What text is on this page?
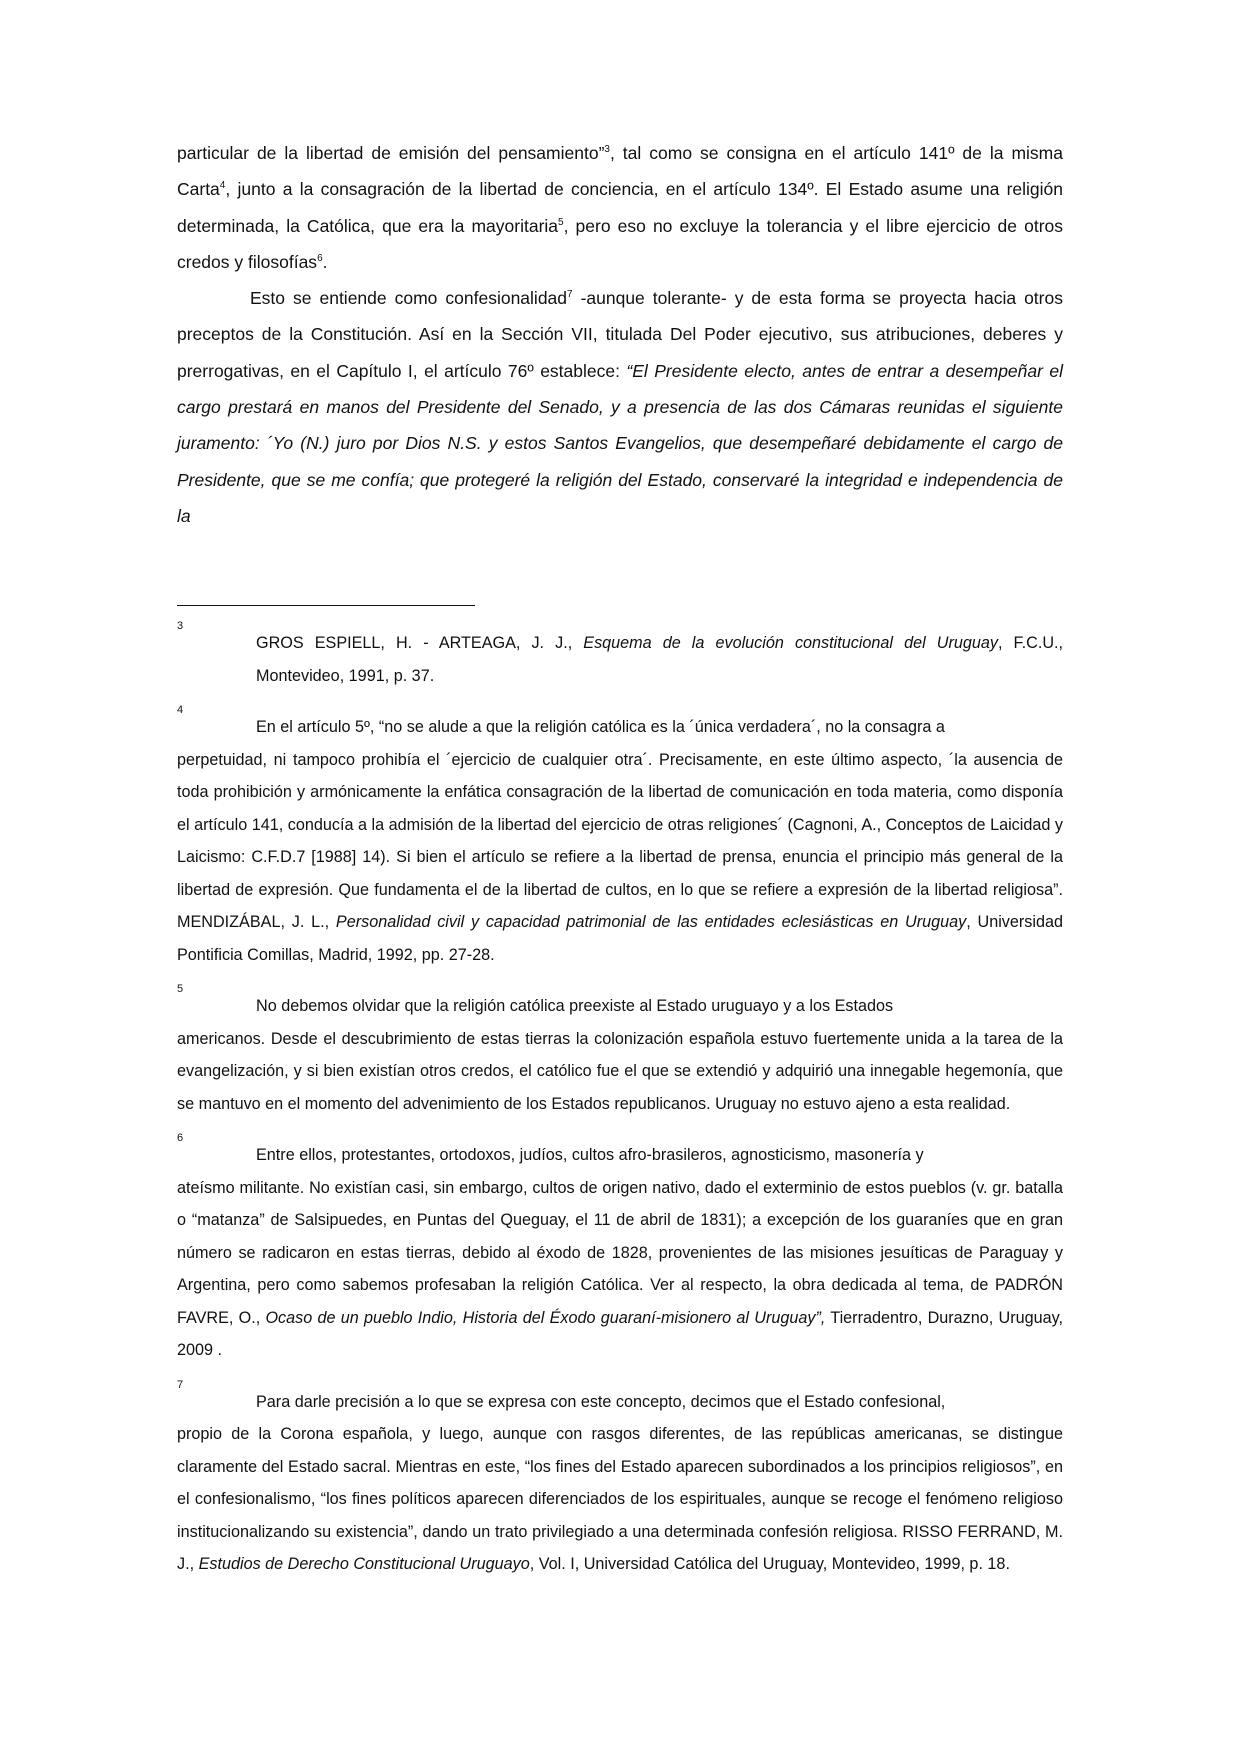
particular de la libertad de emisión del pensamiento”$^3$, tal como se consigna en el artículo 141º de la misma Carta$^4$, junto a la consagración de la libertad de conciencia, en el artículo 134º. El Estado asume una religión determinada, la Católica, que era la mayoritaria$^5$, pero eso no excluye la tolerancia y el libre ejercicio de otros credos y filosofías$^6$.

Esto se entiende como confesionalidad$^7$ -aunque tolerante- y de esta forma se proyecta hacia otros preceptos de la Constitución. Así en la Sección VII, titulada Del Poder ejecutivo, sus atribuciones, deberes y prerrogativas, en el Capítulo I, el artículo 76º establece: “El Presidente electo, antes de entrar a desempeñar el cargo prestará en manos del Presidente del Senado, y a presencia de las dos Cámaras reunidas el siguiente juramento: ´Yo (N.) juro por Dios N.S. y estos Santos Evangelios, que desempeñaré debidamente el cargo de Presidente, que se me confía; que protegeré la religión del Estado, conservaré la integridad e independencia de la

3
GROS ESPIELL, H. - ARTEAGA, J. J., Esquema de la evolución constitucional del Uruguay, F.C.U., Montevideo, 1991, p. 37.
4
En el artículo 5º, “no se alude a que la religión católica es la ´única verdadera´, no la consagra a
perpetuidad, ni tampoco prohibía el ´ejercicio de cualquier otra´. Precisamente, en este último aspecto, ´la ausencia de toda prohibición y armónicamente la enfática consagración de la libertad de comunicación en toda materia, como disponía el artículo 141, conducía a la admisión de la libertad del ejercicio de otras religiones´ (Cagnoni, A., Conceptos de Laicidad y Laicismo: C.F.D.7 [1988] 14). Si bien el artículo se refiere a la libertad de prensa, enuncia el principio más general de la libertad de expresión. Que fundamenta el de la libertad de cultos, en lo que se refiere a expresión de la libertad religiosa”. MENDIZÁBAL, J. L., Personalidad civil y capacidad patrimonial de las entidades eclesiásticas en Uruguay, Universidad Pontificia Comillas, Madrid, 1992, pp. 27-28.
5
No debemos olvidar que la religión católica preexiste al Estado uruguayo y a los Estados
americanos. Desde el descubrimiento de estas tierras la colonización española estuvo fuertemente unida a la tarea de la evangelización, y si bien existían otros credos, el católico fue el que se extendió y adquirió una innegable hegemonía, que se mantuvo en el momento del advenimiento de los Estados republicanos. Uruguay no estuvo ajeno a esta realidad.
6
Entre ellos, protestantes, ortodoxos, judíos, cultos afro-brasileros, agnosticismo, masonería y
ateísmo militante. No existían casi, sin embargo, cultos de origen nativo, dado el exterminio de estos pueblos (v. gr. batalla o “matanza” de Salsipuedes, en Puntas del Queguay, el 11 de abril de 1831); a excepción de los guaraníes que en gran número se radicaron en estas tierras, debido al éxodo de 1828, provenientes de las misiones jesuíticas de Paraguay y Argentina, pero como sabemos profesaban la religión Católica. Ver al respecto, la obra dedicada al tema, de PADRÓN FAVRE, O., Ocaso de un pueblo Indio, Historia del Éxodo guaraní-misionero al Uruguay”, Tierradentro, Durazno, Uruguay, 2009 .
7
Para darle precisión a lo que se expresa con este concepto, decimos que el Estado confesional,
propio de la Corona española, y luego, aunque con rasgos diferentes, de las repúblicas americanas, se distingue claramente del Estado sacral. Mientras en este, “los fines del Estado aparecen subordinados a los principios religiosos”, en el confesionalismo, “los fines políticos aparecen diferenciados de los espirituales, aunque se recoge el fenómeno religioso institucionalizando su existencia”, dando un trato privilegiado a una determinada confesión religiosa. RISSO FERRAND, M. J., Estudios de Derecho Constitucional Uruguayo, Vol. I, Universidad Católica del Uruguay, Montevideo, 1999, p. 18.
